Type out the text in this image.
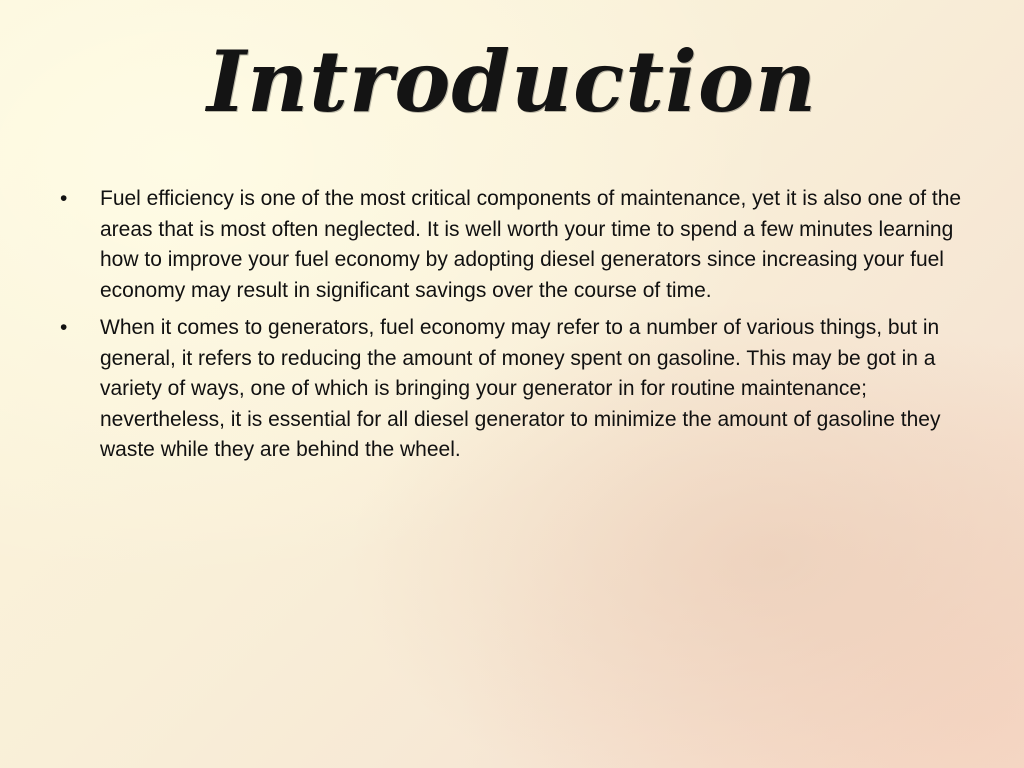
Introduction
• Fuel efficiency is one of the most critical components of maintenance, yet it is also one of the areas that is most often neglected. It is well worth your time to spend a few minutes learning how to improve your fuel economy by adopting diesel generators since increasing your fuel economy may result in significant savings over the course of time.
• When it comes to generators, fuel economy may refer to a number of various things, but in general, it refers to reducing the amount of money spent on gasoline. This may be got in a variety of ways, one of which is bringing your generator in for routine maintenance; nevertheless, it is essential for all diesel generator to minimize the amount of gasoline they waste while they are behind the wheel.
